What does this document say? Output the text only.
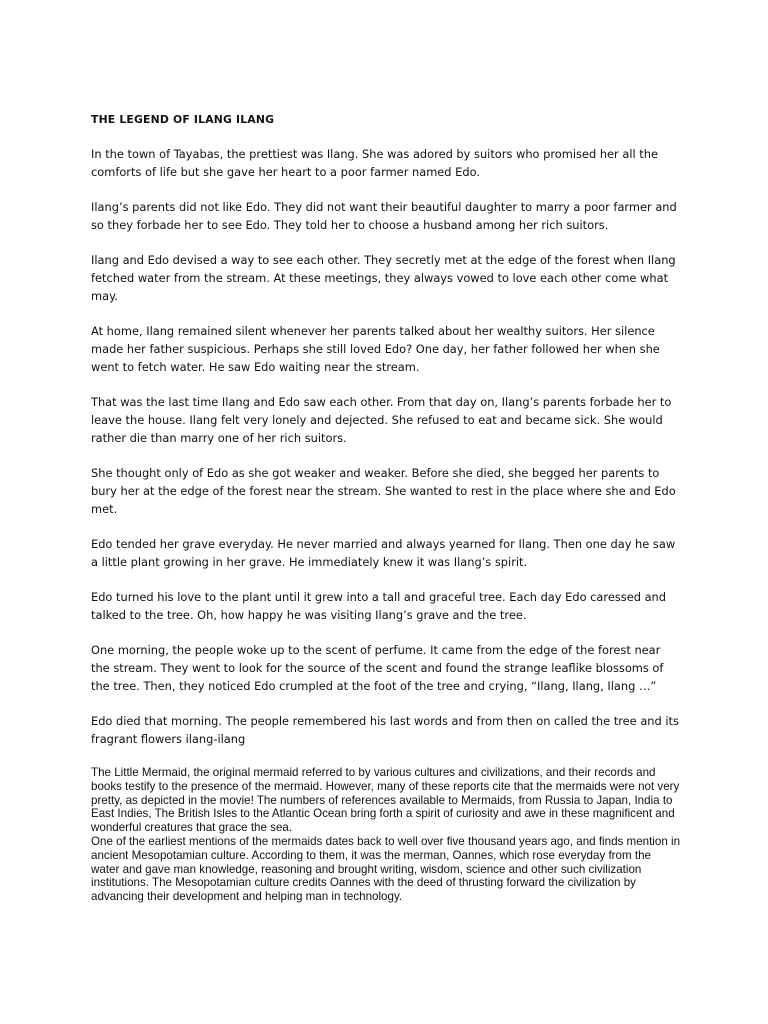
THE LEGEND OF ILANG ILANG

In the town of Tayabas, the prettiest was Ilang. She was adored by suitors who promised her all the comforts of life but she gave her heart to a poor farmer named Edo.

Ilang’s parents did not like Edo. They did not want their beautiful daughter to marry a poor farmer and so they forbade her to see Edo. They told her to choose a husband among her rich suitors.

Ilang and Edo devised a way to see each other. They secretly met at the edge of the forest when Ilang fetched water from the stream. At these meetings, they always vowed to love each other come what may.

At home, Ilang remained silent whenever her parents talked about her wealthy suitors. Her silence made her father suspicious. Perhaps she still loved Edo? One day, her father followed her when she went to fetch water. He saw Edo waiting near the stream.

That was the last time Ilang and Edo saw each other. From that day on, Ilang’s parents forbade her to leave the house. Ilang felt very lonely and dejected. She refused to eat and became sick. She would rather die than marry one of her rich suitors.

She thought only of Edo as she got weaker and weaker. Before she died, she begged her parents to bury her at the edge of the forest near the stream. She wanted to rest in the place where she and Edo met.

Edo tended her grave everyday. He never married and always yearned for Ilang. Then one day he saw a little plant growing in her grave. He immediately knew it was Ilang’s spirit.

Edo turned his love to the plant until it grew into a tall and graceful tree. Each day Edo caressed and talked to the tree. Oh, how happy he was visiting Ilang’s grave and the tree.

One morning, the people woke up to the scent of perfume. It came from the edge of the forest near the stream. They went to look for the source of the scent and found the strange leaflike blossoms of the tree. Then, they noticed Edo crumpled at the foot of the tree and crying, “Ilang, Ilang, Ilang …”

Edo died that morning. The people remembered his last words and from then on called the tree and its fragrant flowers ilang-ilang

The Little Mermaid, the original mermaid referred to by various cultures and civilizations, and their records and books testify to the presence of the mermaid. However, many of these reports cite that the mermaids were not very pretty, as depicted in the movie! The numbers of references available to Mermaids, from Russia to Japan, India to East Indies, The British Isles to the Atlantic Ocean bring forth a spirit of curiosity and awe in these magnificent and wonderful creatures that grace the sea.
One of the earliest mentions of the mermaids dates back to well over five thousand years ago, and finds mention in ancient Mesopotamian culture. According to them, it was the merman, Oannes, which rose everyday from the water and gave man knowledge, reasoning and brought writing, wisdom, science and other such civilization institutions. The Mesopotamian culture credits Oannes with the deed of thrusting forward the civilization by advancing their development and helping man in technology.
